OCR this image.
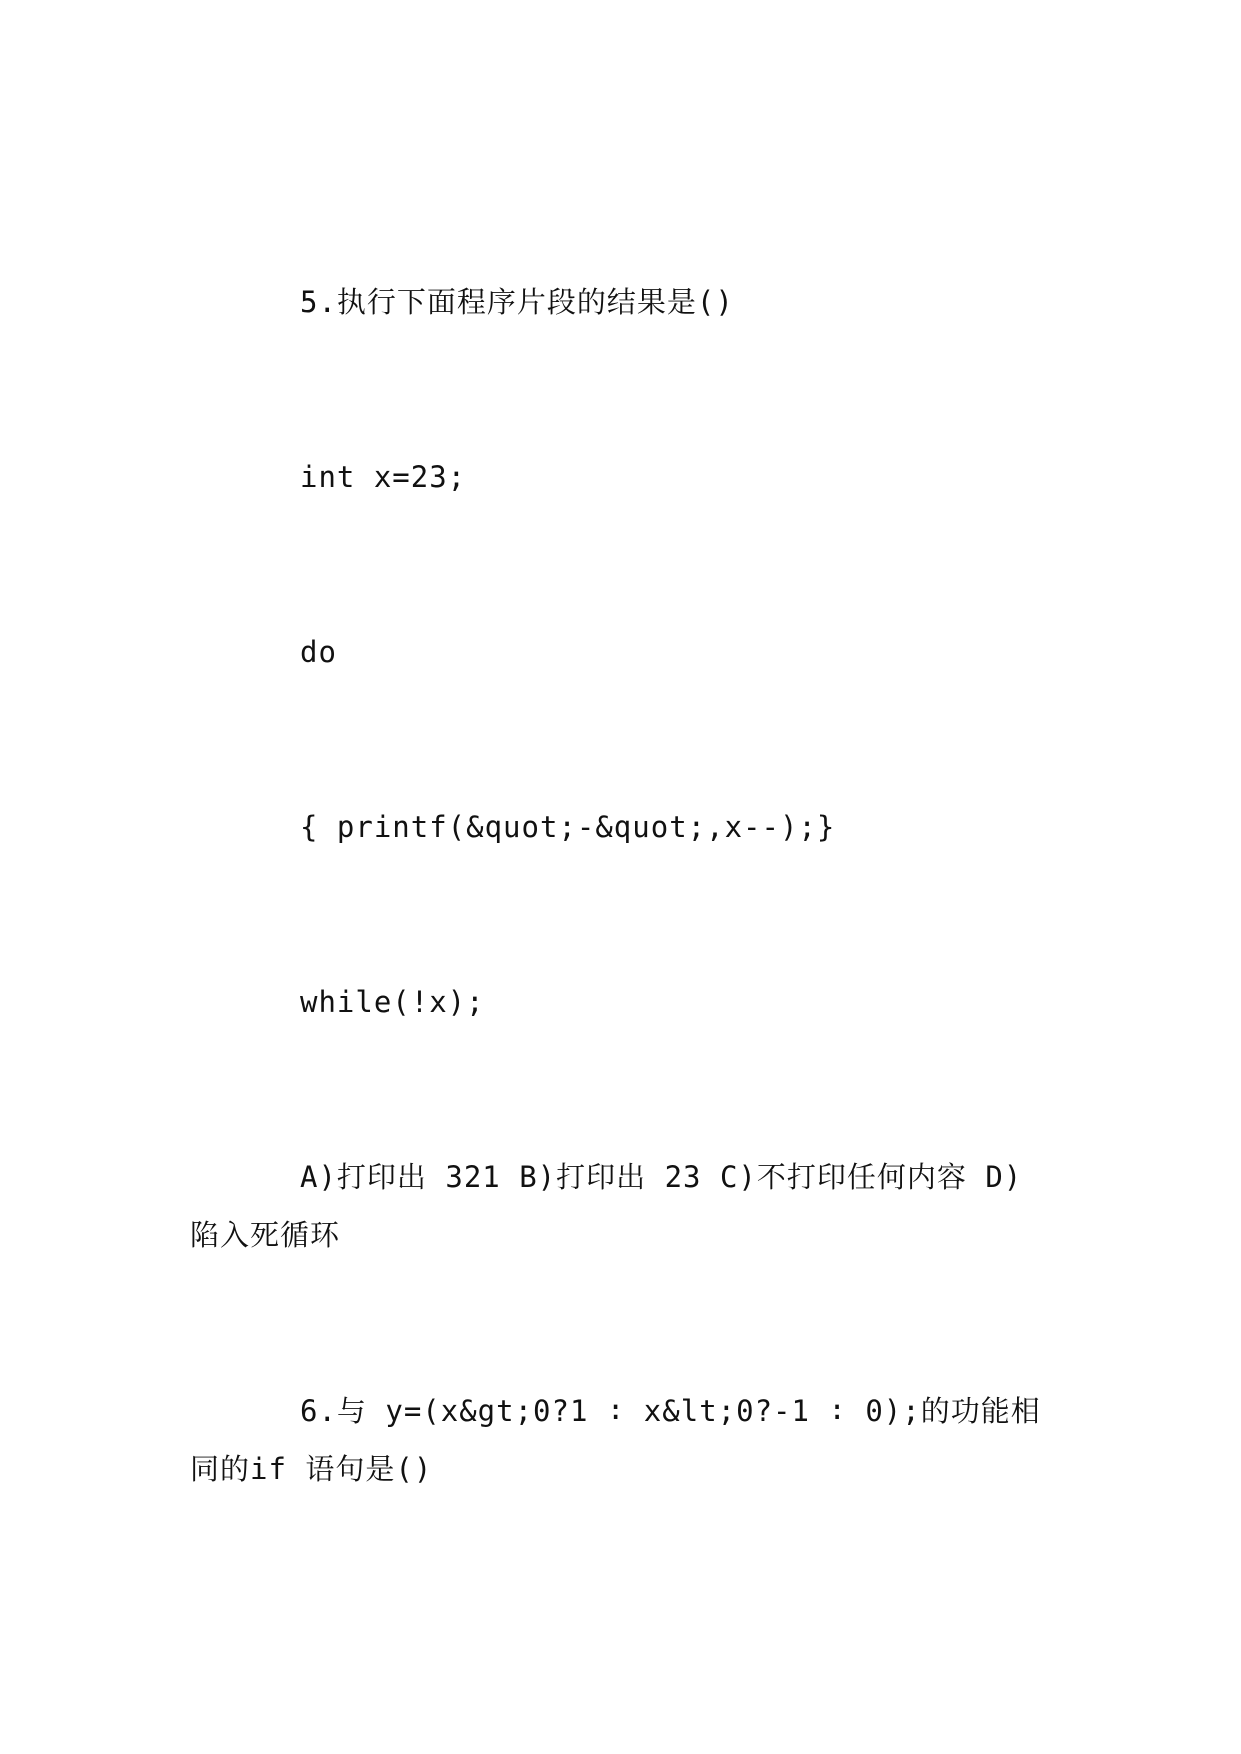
5.执行下面程序片段的结果是()

int x=23;

do

{ printf(&quot;-&quot;,x--);}

while(!x);

A)打印出 321 B)打印出 23 C)不打印任何内容 D)陷入死循环

6.与 y=(x&gt;0?1 ∶ x&lt;0?-1 ∶ 0);的功能相同的if 语句是()
